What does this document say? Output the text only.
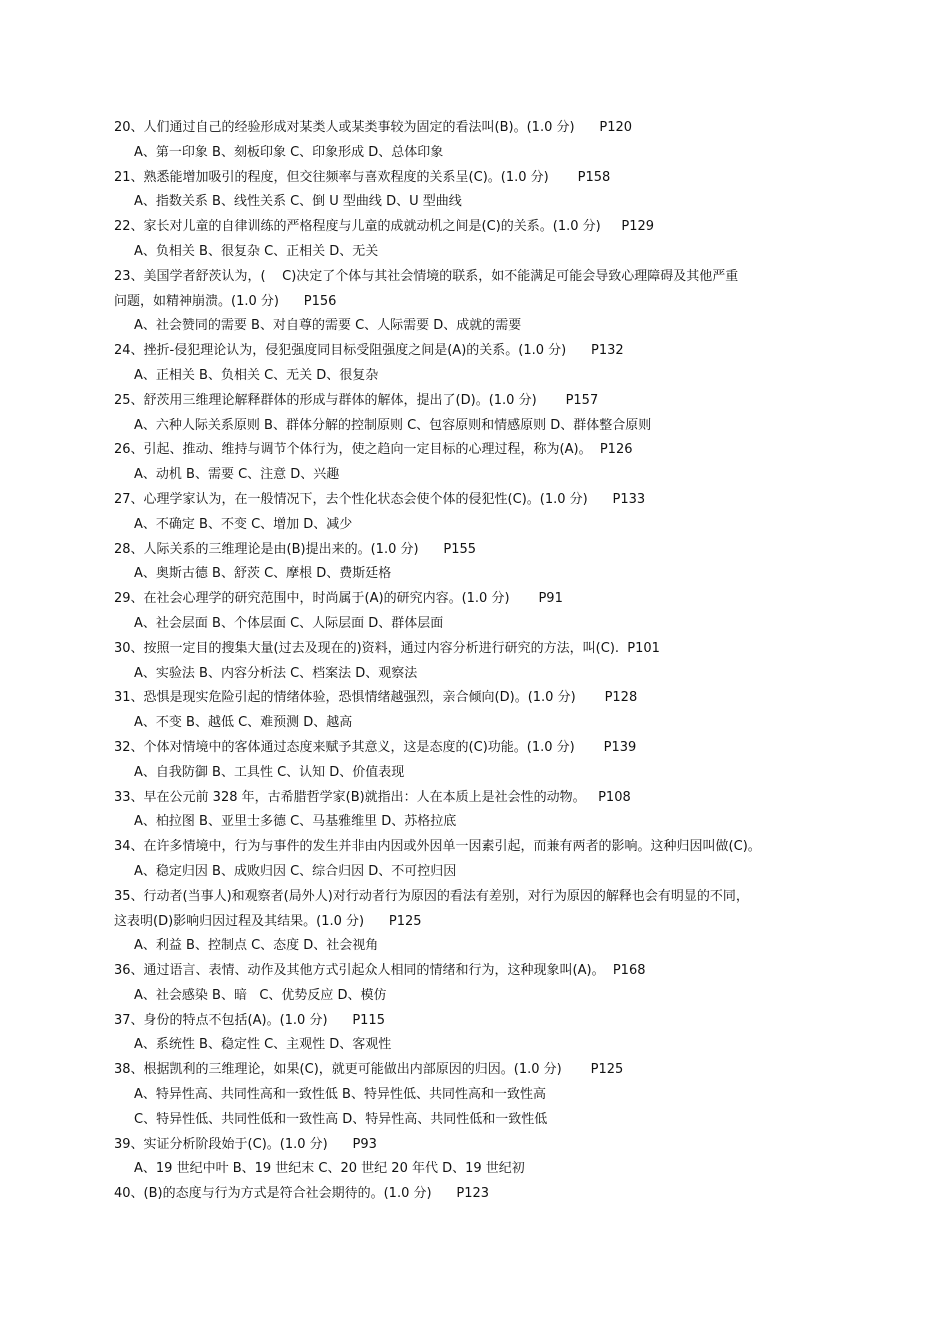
20、人们通过自己的经验形成对某类人或某类事较为固定的看法叫(B)。(1.0 分)      P120
A、第一印象 B、刻板印象 C、印象形成 D、总体印象
21、熟悉能增加吸引的程度，但交往频率与喜欢程度的关系呈(C)。(1.0 分)       P158
A、指数关系 B、线性关系 C、倒 U 型曲线 D、U 型曲线
22、家长对儿童的自律训练的严格程度与儿童的成就动机之间是(C)的关系。(1.0 分)     P129
A、负相关 B、很复杂 C、正相关 D、无关
23、美国学者舒茨认为，(    C)决定了个体与其社会情境的联系，如不能满足可能会导致心理障碍及其他严重
问题，如精神崩溃。(1.0 分)      P156
A、社会赞同的需要 B、对自尊的需要 C、人际需要 D、成就的需要
24、挫折-侵犯理论认为，侵犯强度同目标受阻强度之间是(A)的关系。(1.0 分)      P132
A、正相关 B、负相关 C、无关 D、很复杂
25、舒茨用三维理论解释群体的形成与群体的解体，提出了(D)。(1.0 分)       P157
A、六种人际关系原则 B、群体分解的控制原则 C、包容原则和情感原则 D、群体整合原则
26、引起、推动、维持与调节个体行为，使之趋向一定目标的心理过程，称为(A)。  P126
A、动机 B、需要 C、注意 D、兴趣
27、心理学家认为，在一般情况下，去个性化状态会使个体的侵犯性(C)。(1.0 分)      P133
A、不确定 B、不变 C、增加 D、减少
28、人际关系的三维理论是由(B)提出来的。(1.0 分)      P155
A、奥斯古德 B、舒茨 C、摩根 D、费斯廷格
29、在社会心理学的研究范围中，时尚属于(A)的研究内容。(1.0 分)       P91
A、社会层面 B、个体层面 C、人际层面 D、群体层面
30、按照一定目的搜集大量(过去及现在的)资料，通过内容分析进行研究的方法，叫(C).  P101
A、实验法 B、内容分析法 C、档案法 D、观察法
31、恐惧是现实危险引起的情绪体验，恐惧情绪越强烈，亲合倾向(D)。(1.0 分)       P128
A、不变 B、越低 C、难预测 D、越高
32、个体对情境中的客体通过态度来赋予其意义，这是态度的(C)功能。(1.0 分)       P139
A、自我防御 B、工具性 C、认知 D、价值表现
33、早在公元前 328 年，古希腊哲学家(B)就指出：人在本质上是社会性的动物。   P108
A、柏拉图 B、亚里士多德 C、马基雅维里 D、苏格拉底
34、在许多情境中，行为与事件的发生并非由内因或外因单一因素引起，而兼有两者的影响。这种归因叫做(C)。
A、稳定归因 B、成败归因 C、综合归因 D、不可控归因
35、行动者(当事人)和观察者(局外人)对行动者行为原因的看法有差别，对行为原因的解释也会有明显的不同，
这表明(D)影响归因过程及其结果。(1.0 分)      P125
A、利益 B、控制点 C、态度 D、社会视角
36、通过语言、表情、动作及其他方式引起众人相同的情绪和行为，这种现象叫(A)。  P168
A、社会感染 B、暗   C、优势反应 D、模仿
37、身份的特点不包括(A)。(1.0 分)      P115
A、系统性 B、稳定性 C、主观性 D、客观性
38、根据凯利的三维理论，如果(C)，就更可能做出内部原因的归因。(1.0 分)       P125
A、特异性高、共同性高和一致性低 B、特异性低、共同性高和一致性高
C、特异性低、共同性低和一致性高 D、特异性高、共同性低和一致性低
39、实证分析阶段始于(C)。(1.0 分)      P93
A、19 世纪中叶 B、19 世纪末 C、20 世纪 20 年代 D、19 世纪初
40、(B)的态度与行为方式是符合社会期待的。(1.0 分)      P123
